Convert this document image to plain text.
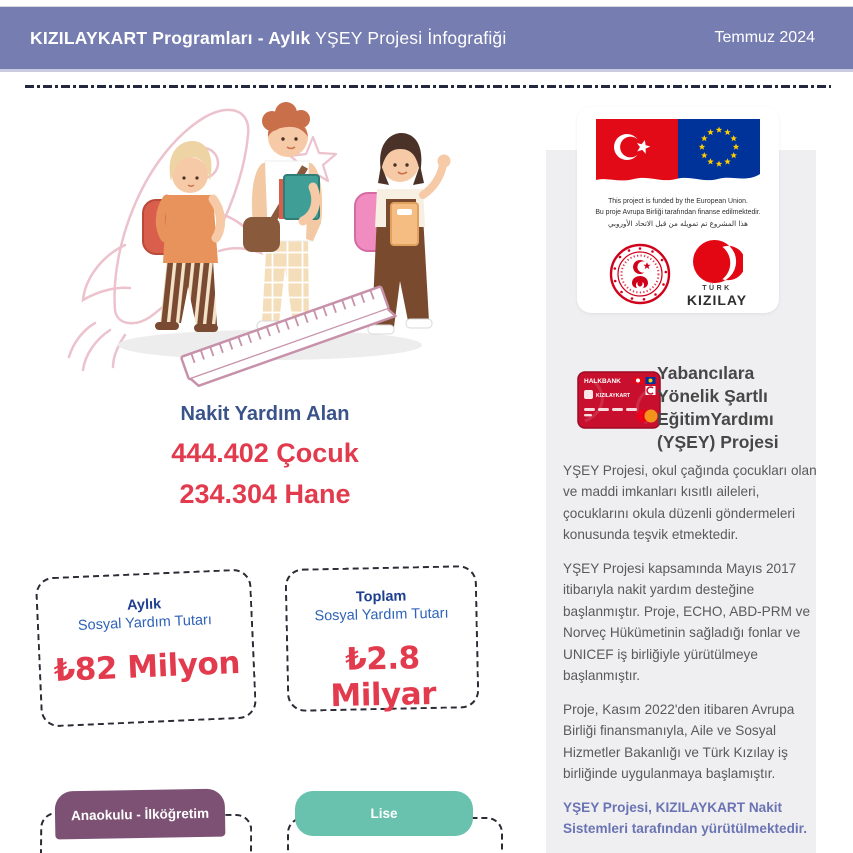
KIZILAYKART Programları - Aylık YŞEY Projesi İnfografiği	Temmuz 2024
Nakit Yardım Alan
444.402 Çocuk
234.304 Hane
Aylık
Sosyal Yardım Tutarı
₺82 Milyon
Toplam
Sosyal Yardım Tutarı
₺2.8 Milyar
Anaokulu - İlköğretim	Lise
This project is funded by the European Union.
Bu proje Avrupa Birliği tarafından finanse edilmektedir.
هذا المشروع تم تمويله من قبل الاتحاد الأوروبي
TÜRK
KIZILAY
HALKBANK
KIZILAYKART
Yabancılara Yönelik Şartlı EğitimYardımı (YŞEY) Projesi

YŞEY Projesi, okul çağında çocukları olan ve maddi imkanları kısıtlı aileleri, çocuklarını okula düzenli göndermeleri konusunda teşvik etmektedir.

YŞEY Projesi kapsamında Mayıs 2017 itibarıyla nakit yardım desteğine başlanmıştır. Proje, ECHO, ABD-PRM ve Norveç Hükümetinin sağladığı fonlar ve UNICEF iş birliğiyle yürütülmeye başlanmıştır.

Proje, Kasım 2022'den itibaren Avrupa Birliği finansmanıyla, Aile ve Sosyal Hizmetler Bakanlığı ve Türk Kızılay iş birliğinde uygulanmaya başlamıştır.

YŞEY Projesi, KIZILAYKART Nakit Sistemleri tarafından yürütülmektedir.
